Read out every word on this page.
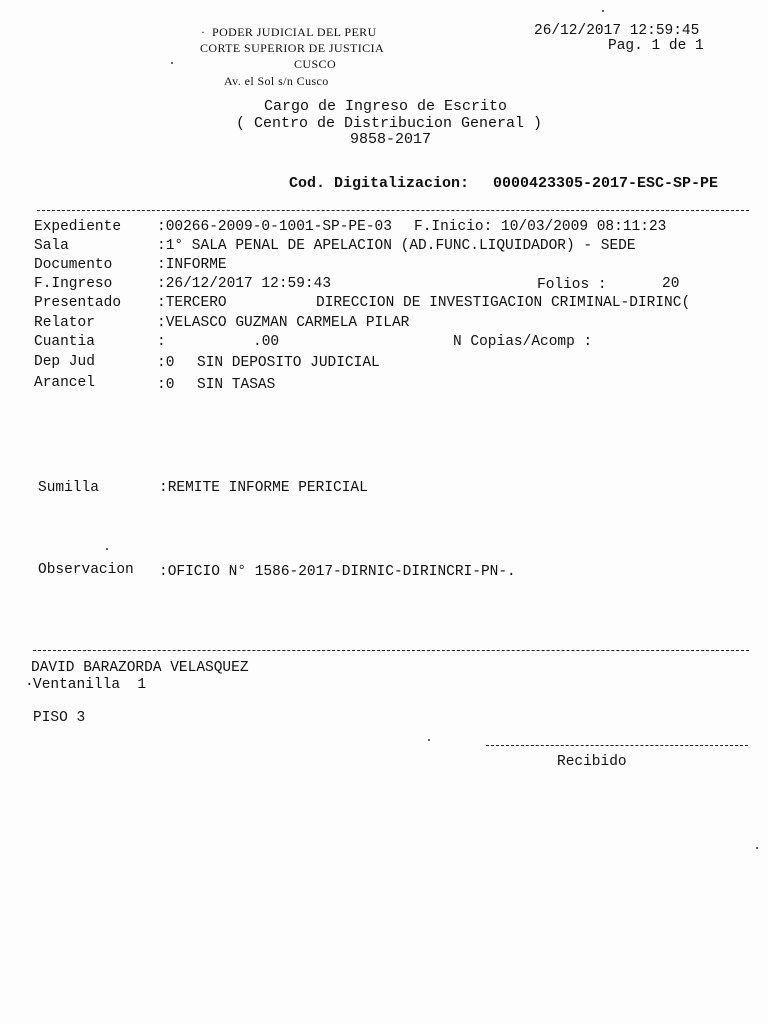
· PODER JUDICIAL DEL PERU
CORTE SUPERIOR DE JUSTICIA
CUSCO
Av. el Sol s/n Cusco
26/12/2017 12:59:45
Pag. 1 de 1
Cargo de Ingreso de Escrito
( Centro de Distribucion General )
9858-2017
Cod. Digitalizacion: 0000423305-2017-ESC-SP-PE
Expediente :00266-2009-0-1001-SP-PE-03 F.Inicio: 10/03/2009 08:11:23
Sala	:1° SALA PENAL DE APELACION (AD.FUNC.LIQUIDADOR) - SEDE
Documento	:INFORME
F.Ingreso	:26/12/2017 12:59:43	Folios :	20
Presentado :TERCERO	DIRECCION DE INVESTIGACION CRIMINAL-DIRINC(
Relator	:VELASCO GUZMAN CARMELA PILAR
Cuantia	:	.00	N Copias/Acomp :
Dep Jud	:0 SIN DEPOSITO JUDICIAL
Arancel	:0 SIN TASAS
Sumilla	:REMITE INFORME PERICIAL
Observacion :OFICIO N° 1586-2017-DIRNIC-DIRINCRI-PN-.
DAVID BARAZORDA VELASQUEZ
· Ventanilla  1
PISO 3
Recibido
